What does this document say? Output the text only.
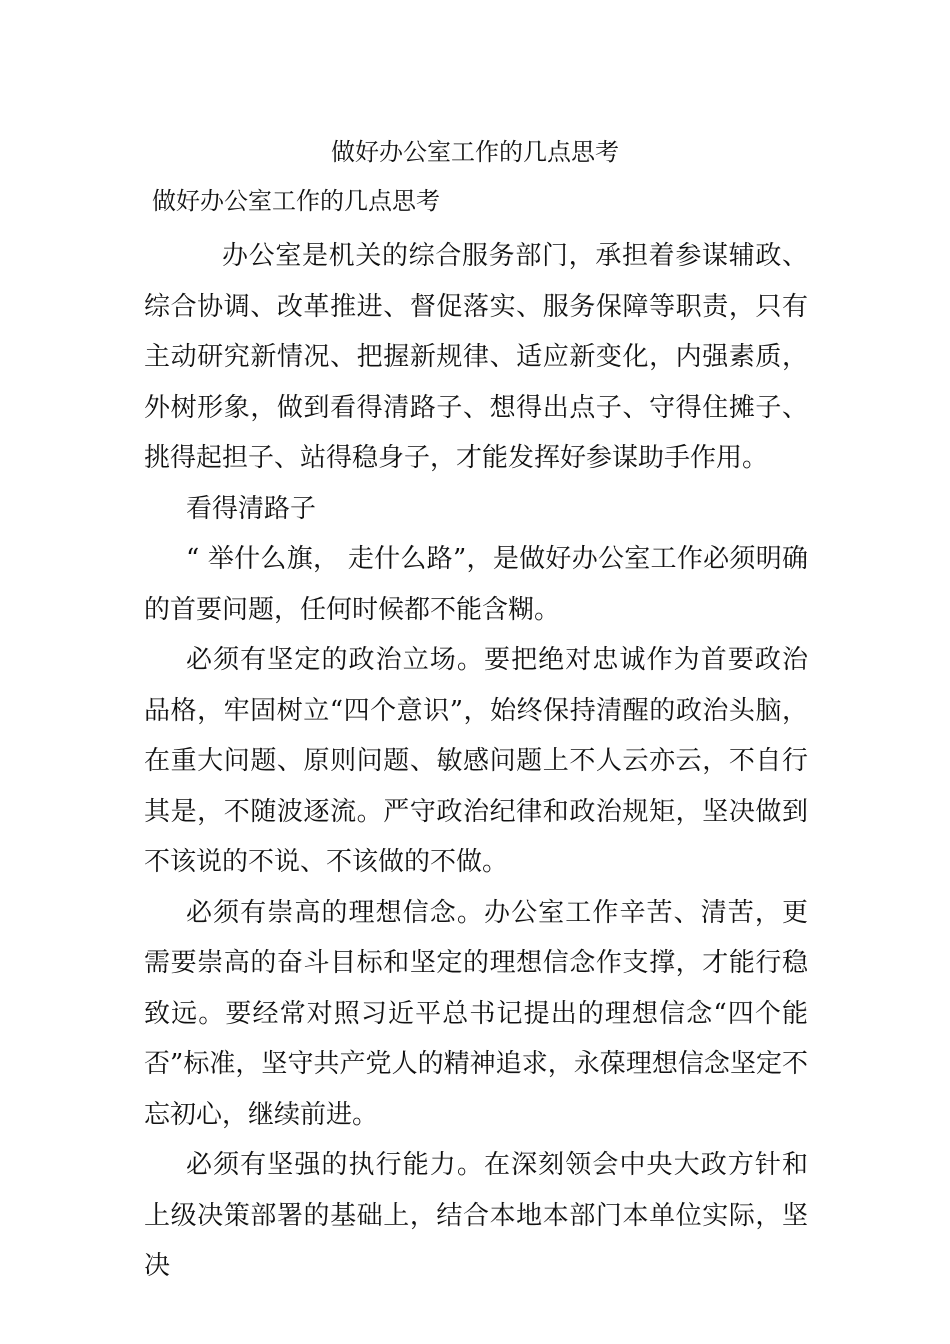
做好办公室工作的几点思考
做好办公室工作的几点思考

办公室是机关的综合服务部门，承担着参谋辅政、综合协调、改革推进、督促落实、服务保障等职责，只有主动研究新情况、把握新规律、适应新变化，内强素质，外树形象，做到看得清路子、想得出点子、守得住摊子、挑得起担子、站得稳身子，才能发挥好参谋助手作用。

看得清路子

“ 举什么旗， 走什么路”，是做好办公室工作必须明确的首要问题，任何时候都不能含糊。

必须有坚定的政治立场。要把绝对忠诚作为首要政治品格，牢固树立“四个意识”，始终保持清醒的政治头脑，在重大问题、原则问题、敏感问题上不人云亦云，不自行其是，不随波逐流。严守政治纪律和政治规矩，坚决做到不该说的不说、不该做的不做。

必须有崇高的理想信念。办公室工作辛苦、清苦，更需要崇高的奋斗目标和坚定的理想信念作支撑，才能行稳致远。要经常对照习近平总书记提出的理想信念“四个能否”标准，坚守共产党人的精神追求，永葆理想信念坚定不忘初心，继续前进。

必须有坚强的执行能力。在深刻领会中央大政方针和上级决策部署的基础上，结合本地本部门本单位实际，坚决
